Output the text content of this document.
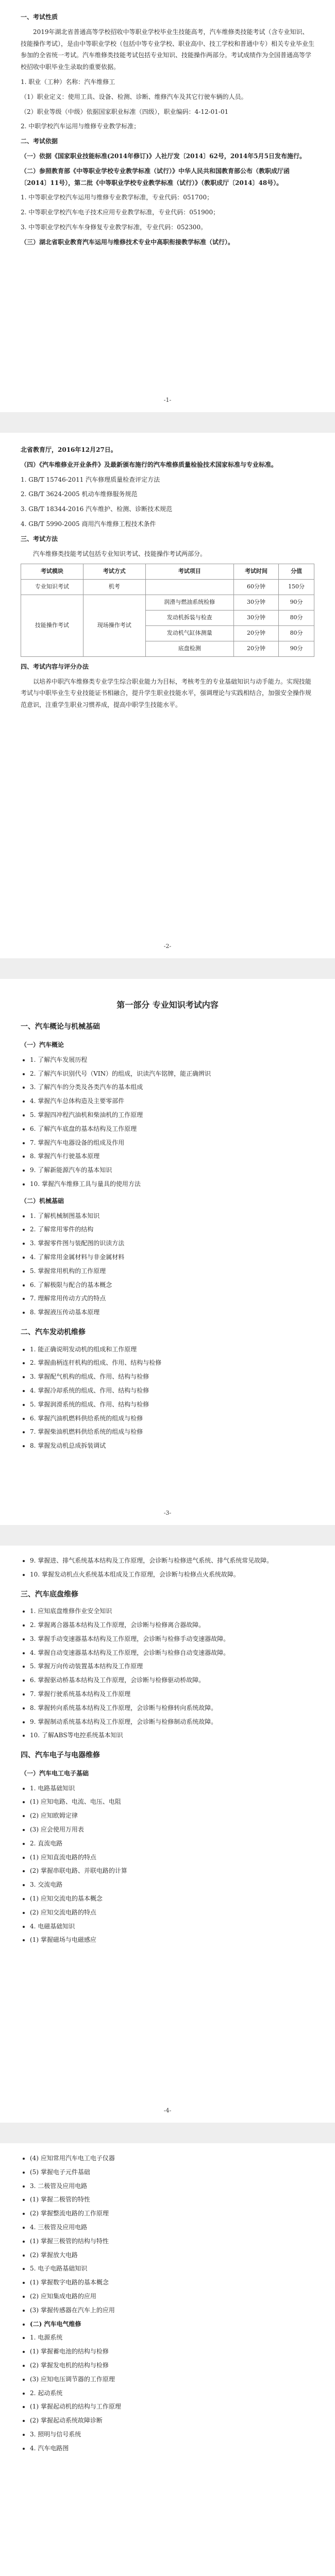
一、考试性质

2019年湖北省普通高等学校招收中等职业学校毕业生技能高考，汽车维修类技能考试（含专业知识、技能操作考试），是由中等职业学校（包括中等专业学校、职业高中、技工学校和普通中专）相关专业毕业生参加的全省统一考试。汽车维修类技能考试包括专业知识、技能操作两部分。考试成绩作为全国普通高等学校招收中职毕业生录取的重要依据。

1. 职业（工种）名称：汽车维修工

（1）职业定义：使用工具、设备、检测、诊断、维修汽车及其它行驶车辆的人员。

（2）职业等级（中级）依据国家职业标准（四级），职业编码：4-12-01-01

2. 中职学校汽车运用与维修专业教学标准；

二、考试依据

（一）依据《国家职业技能标准(2014年修订)》人社厅发〔2014〕62号，2014年5月5日发布施行。

（二）参照教育部《中等职业学校专业教学标准（试行）》中华人民共和国教育部公布（教职成厅函〔2014〕11号），第二批《中等职业学校专业教学标准（试行）》（教职成厅〔2014〕48号）。

1. 中等职业学校汽车运用与维修专业教学标准，专业代码：051700；

2. 中等职业学校汽车电子技术应用专业教学标准，专业代码：051900；

3. 中等职业学校汽车车身修复专业教学标准，专业代码：052300。

（三）湖北省职业教育汽车运用与维修技术专业中高职衔接教学标准（试行）。

-1-

北省教育厅，2016年12月27日。

（四）《汽车维修业开业条件》及最新颁布施行的汽车维修质量检验技术国家标准与专业标准。

1. GB/T 15746-2011 汽车修理质量检查评定方法

2. GB/T 3624-2005 机动车维修服务规范

3. GB/T 18344-2016 汽车维护、检测、诊断技术规范

4. GB/T 5990-2005 商用汽车维修工程技术条件

三、考试方法

汽车维修类技能考试包括专业知识考试、技能操作考试两部分。

考试模块	考试方式	考试项目	考试时间	分值
专业知识考试	机考		60分钟	150分
技能操作考试	现场操作考试	润滑与燃油系统检修	30分钟	90分
		发动机拆装与检查	30分钟	80分
		发动机气缸体测量	20分钟	80分
		底盘检测	20分钟	90分

四、考试内容与评分办法

以培养中职汽车维修类专业学生综合职业能力为目标，考核考生的专业基础知识与动手能力。实现技能考试与中职毕业生专业技能证书相融合，提升学生职业技能水平，强调理论与实践相结合，加强安全操作规范意识，注重学生职业习惯养成，提高中职学生技能水平。

-2-
第一部分 专业知识考试内容
一、汽车概论与机械基础
（一）汽车概论
• 1. 了解汽车发展历程
• 2. 了解汽车识别代号（VIN）的组成，识读汽车铭牌，能正确辨识
• 3. 了解汽车的分类及各类汽车的基本组成
• 4. 掌握汽车总体构造及主要零部件
• 5. 掌握四冲程汽油机和柴油机的工作原理
• 6. 了解汽车底盘的基本结构及工作原理
• 7. 掌握汽车电器设备的组成及作用
• 8. 掌握汽车行驶基本原理
• 9. 了解新能源汽车的基本知识
• 10. 掌握汽车维修工具与量具的使用方法
（二）机械基础
• 1. 了解机械制图基本知识
• 2. 了解常用零件的结构
• 3. 掌握零件图与装配图的识读方法
• 4. 了解常用金属材料与非金属材料
• 5. 掌握常用机构的工作原理
• 6. 了解极限与配合的基本概念
• 7. 理解常用传动方式的特点
• 8. 掌握液压传动基本原理
二、汽车发动机维修
• 1. 能正确说明发动机的组成和工作原理
• 2. 掌握曲柄连杆机构的组成、作用、结构与检修
• 3. 掌握配气机构的组成、作用、结构与检修
• 4. 掌握冷却系统的组成、作用、结构与检修
• 5. 掌握润滑系统的组成、作用、结构与检修
• 6. 掌握汽油机燃料供给系统的组成与检修
• 7. 掌握柴油机燃料供给系统的组成与检修
• 8. 掌握发动机总成拆装调试
-3-
• 9. 掌握进、排气系统基本结构及工作原理，会诊断与检修进气系统、排气系统常见故障。
• 10. 掌握发动机点火系统基本组成及工作原理，会诊断与检修点火系统故障。
三、汽车底盘维修
• 1. 应知底盘维修作业安全知识
• 2. 掌握离合器基本结构及工作原理，会诊断与检修离合器故障。
• 3. 掌握手动变速器基本结构及工作原理，会诊断与检修手动变速器故障。
• 4. 掌握自动变速器基本结构及工作原理，会诊断与检修自动变速器故障。
• 5. 掌握万向传动装置基本结构及工作原理
• 6. 掌握驱动桥基本结构及工作原理，会诊断与检修驱动桥故障。
• 7. 掌握行驶系统基本结构及工作原理
• 8. 掌握转向系统基本结构及工作原理，会诊断与检修转向系统故障。
• 9. 掌握制动系统基本结构及工作原理，会诊断与检修制动系统故障。
• 10. 了解ABS等电控系统基本知识
四、汽车电子与电器维修
（一）汽车电工电子基础
• 1. 电路基础知识
• (1) 应知电路、电流、电压、电阻
• (2) 应知欧姆定律
• (3) 应会使用万用表
• 2. 直流电路
• (1) 应知直流电路的特点
• (2) 掌握串联电路、并联电路的计算
• 3. 交流电路
• (1) 应知交流电的基本概念
• (2) 应知交流电路的特点
• 4. 电磁基础知识
• (1) 掌握磁场与电磁感应
-4-
• (4) 应知常用汽车电工电子仪器
• (5) 掌握电子元件基础
• 3. 二极管及应用电路
• (1) 掌握二极管的特性
• (2) 掌握整流电路的工作原理
• 4. 三极管及应用电路
• (1) 掌握三极管的结构与特性
• (2) 掌握放大电路
• 5. 电子电路基础知识
• (1) 掌握数字电路的基本概念
• (2) 应知集成电路的应用
• (3) 掌握传感器在汽车上的应用
• (二) 汽车电气维修
• 1. 电源系统
• (1) 掌握蓄电池的结构与检修
• (2) 掌握发电机的结构与检修
• (3) 应知电压调节器的工作原理
• 2. 起动系统
• (1) 掌握起动机的结构与工作原理
• (2) 掌握起动系统故障诊断
• 3. 照明与信号系统
• 4. 汽车电路图
